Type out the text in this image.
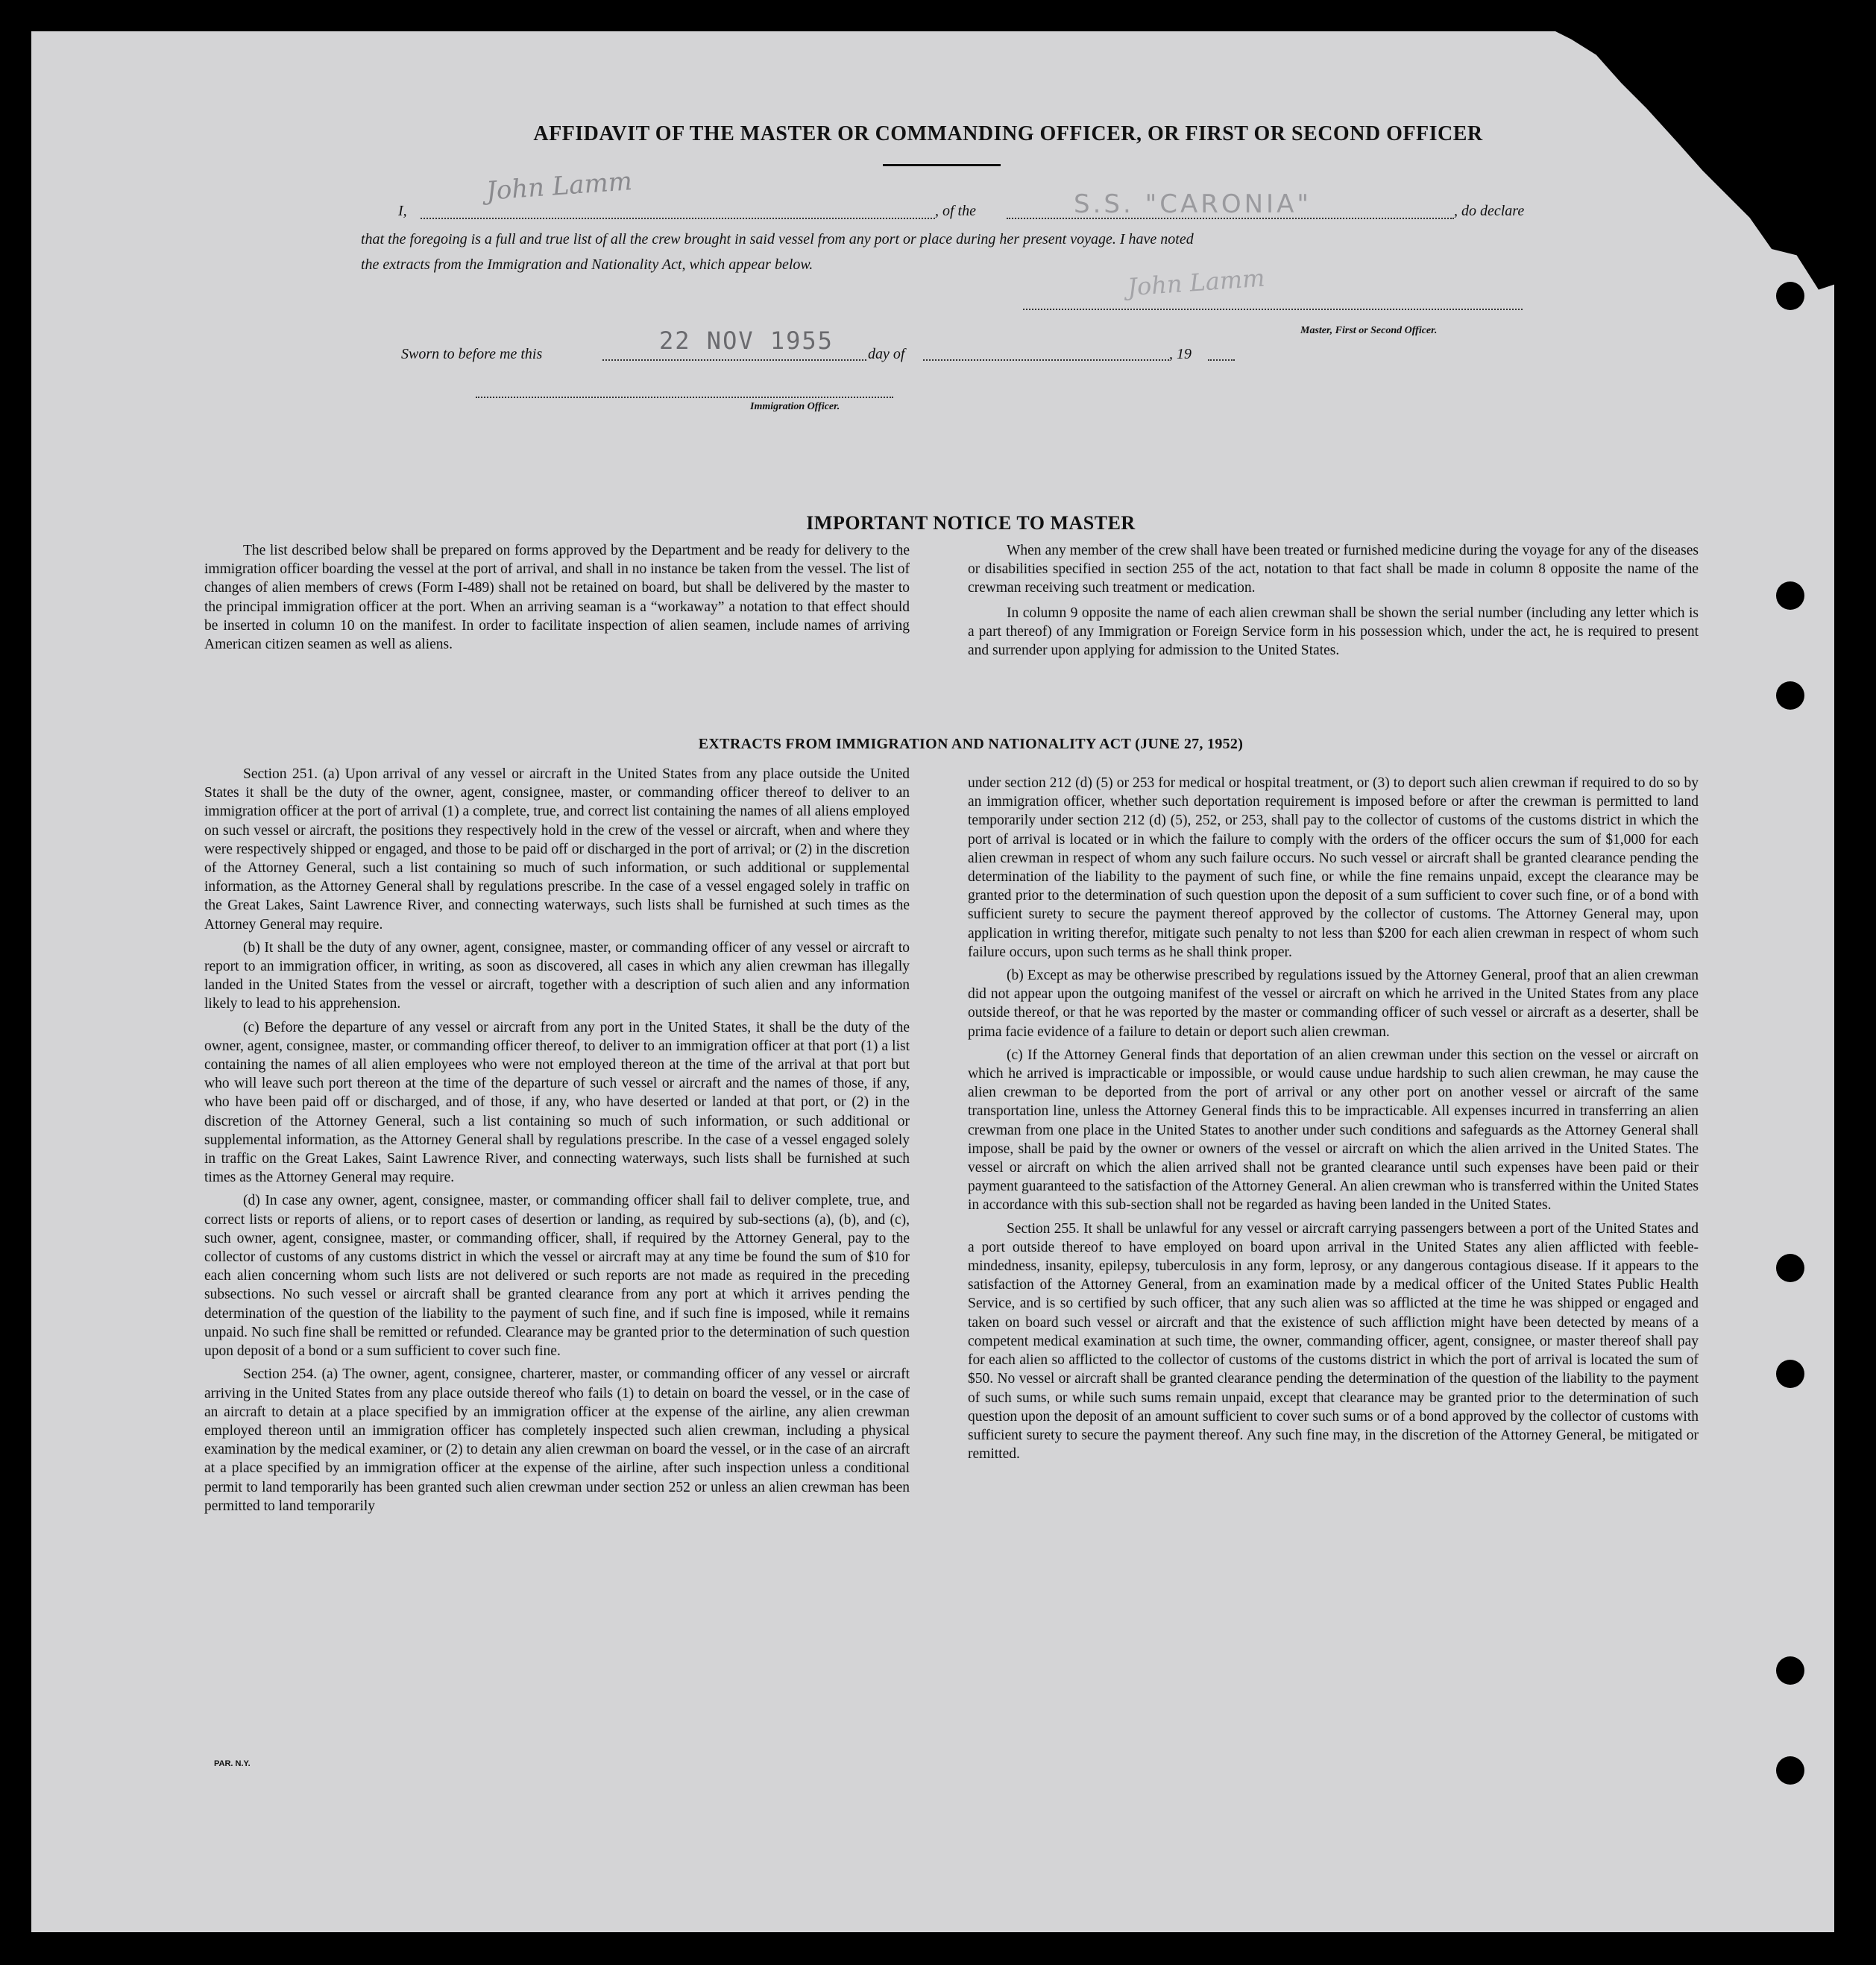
AFFIDAVIT OF THE MASTER OR COMMANDING OFFICER, OR FIRST OR SECOND OFFICER
I,
John Lamm
, of the	S.S. "CARONIA"	, do declare
that the foregoing is a full and true list of all the crew brought in said vessel from any port or place during her present voyage. I have noted
the extracts from the Immigration and Nationality Act, which appear below.	John Lamm
Master, First or Second Officer.
Sworn to before me this	22 NOV 1955 day of	, 19
Immigration Officer.
IMPORTANT NOTICE TO MASTER

The list described below shall be prepared on forms approved by the Department and be ready for delivery to the immigration officer boarding the vessel at the port of arrival, and shall in no instance be taken from the vessel. The list of changes of alien members of crews (Form I-489) shall not be retained on board, but shall be delivered by the master to the principal immigration officer at the port. When an arriving seaman is a “workaway” a notation to that effect should be inserted in column 10 on the manifest. In order to facilitate inspection of alien seamen, include names of arriving American citizen seamen as well as aliens.

When any member of the crew shall have been treated or furnished medicine during the voyage for any of the diseases or disabilities specified in section 255 of the act, notation to that fact shall be made in column 8 opposite the name of the crewman receiving such treatment or medication.

In column 9 opposite the name of each alien crewman shall be shown the serial number (including any letter which is a part thereof) of any Immigration or Foreign Service form in his possession which, under the act, he is required to present and surrender upon applying for admission to the United States.

EXTRACTS FROM IMMIGRATION AND NATIONALITY ACT (JUNE 27, 1952)

Section 251. (a) Upon arrival of any vessel or aircraft in the United States from any place outside the United States it shall be the duty of the owner, agent, consignee, master, or commanding officer thereof to deliver to an immigration officer at the port of arrival (1) a complete, true, and correct list containing the names of all aliens employed on such vessel or aircraft, the positions they respectively hold in the crew of the vessel or aircraft, when and where they were respectively shipped or engaged, and those to be paid off or discharged in the port of arrival; or (2) in the discretion of the Attorney General, such a list containing so much of such information, or such additional or supplemental information, as the Attorney General shall by regulations prescribe. In the case of a vessel engaged solely in traffic on the Great Lakes, Saint Lawrence River, and connecting waterways, such lists shall be furnished at such times as the Attorney General may require.

(b) It shall be the duty of any owner, agent, consignee, master, or commanding officer of any vessel or aircraft to report to an immigration officer, in writing, as soon as discovered, all cases in which any alien crewman has illegally landed in the United States from the vessel or aircraft, together with a description of such alien and any information likely to lead to his apprehension.

(c) Before the departure of any vessel or aircraft from any port in the United States, it shall be the duty of the owner, agent, consignee, master, or commanding officer thereof, to deliver to an immigration officer at that port (1) a list containing the names of all alien employees who were not employed thereon at the time of the arrival at that port but who will leave such port thereon at the time of the departure of such vessel or aircraft and the names of those, if any, who have been paid off or discharged, and of those, if any, who have deserted or landed at that port, or (2) in the discretion of the Attorney General, such a list containing so much of such information, or such additional or supplemental information, as the Attorney General shall by regulations prescribe. In the case of a vessel engaged solely in traffic on the Great Lakes, Saint Lawrence River, and connecting waterways, such lists shall be furnished at such times as the Attorney General may require.

(d) In case any owner, agent, consignee, master, or commanding officer shall fail to deliver complete, true, and correct lists or reports of aliens, or to report cases of desertion or landing, as required by sub-sections (a), (b), and (c), such owner, agent, consignee, master, or commanding officer, shall, if required by the Attorney General, pay to the collector of customs of any customs district in which the vessel or aircraft may at any time be found the sum of $10 for each alien concerning whom such lists are not delivered or such reports are not made as required in the preceding subsections. No such vessel or aircraft shall be granted clearance from any port at which it arrives pending the determination of the question of the liability to the payment of such fine, and if such fine is imposed, while it remains unpaid. No such fine shall be remitted or refunded. Clearance may be granted prior to the determination of such question upon deposit of a bond or a sum sufficient to cover such fine.

Section 254. (a) The owner, agent, consignee, charterer, master, or commanding officer of any vessel or aircraft arriving in the United States from any place outside thereof who fails (1) to detain on board the vessel, or in the case of an aircraft to detain at a place specified by an immigration officer at the expense of the airline, any alien crewman employed thereon until an immigration officer has completely inspected such alien crewman, including a physical examination by the medical examiner, or (2) to detain any alien crewman on board the vessel, or in the case of an aircraft at a place specified by an immigration officer at the expense of the airline, after such inspection unless a conditional permit to land temporarily has been granted such alien crewman under section 252 or unless an alien crewman has been permitted to land temporarily

under section 212 (d) (5) or 253 for medical or hospital treatment, or (3) to deport such alien crewman if required to do so by an immigration officer, whether such deportation requirement is imposed before or after the crewman is permitted to land temporarily under section 212 (d) (5), 252, or 253, shall pay to the collector of customs of the customs district in which the port of arrival is located or in which the failure to comply with the orders of the officer occurs the sum of $1,000 for each alien crewman in respect of whom any such failure occurs. No such vessel or aircraft shall be granted clearance pending the determination of the liability to the payment of such fine, or while the fine remains unpaid, except the clearance may be granted prior to the determination of such question upon the deposit of a sum sufficient to cover such fine, or of a bond with sufficient surety to secure the payment thereof approved by the collector of customs. The Attorney General may, upon application in writing therefor, mitigate such penalty to not less than $200 for each alien crewman in respect of whom such failure occurs, upon such terms as he shall think proper.

(b) Except as may be otherwise prescribed by regulations issued by the Attorney General, proof that an alien crewman did not appear upon the outgoing manifest of the vessel or aircraft on which he arrived in the United States from any place outside thereof, or that he was reported by the master or commanding officer of such vessel or aircraft as a deserter, shall be prima facie evidence of a failure to detain or deport such alien crewman.

(c) If the Attorney General finds that deportation of an alien crewman under this section on the vessel or aircraft on which he arrived is impracticable or impossible, or would cause undue hardship to such alien crewman, he may cause the alien crewman to be deported from the port of arrival or any other port on another vessel or aircraft of the same transportation line, unless the Attorney General finds this to be impracticable. All expenses incurred in transferring an alien crewman from one place in the United States to another under such conditions and safeguards as the Attorney General shall impose, shall be paid by the owner or owners of the vessel or aircraft on which the alien arrived in the United States. The vessel or aircraft on which the alien arrived shall not be granted clearance until such expenses have been paid or their payment guaranteed to the satisfaction of the Attorney General. An alien crewman who is transferred within the United States in accordance with this sub-section shall not be regarded as having been landed in the United States.

Section 255. It shall be unlawful for any vessel or aircraft carrying passengers between a port of the United States and a port outside thereof to have employed on board upon arrival in the United States any alien afflicted with feeble-mindedness, insanity, epilepsy, tuberculosis in any form, leprosy, or any dangerous contagious disease. If it appears to the satisfaction of the Attorney General, from an examination made by a medical officer of the United States Public Health Service, and is so certified by such officer, that any such alien was so afflicted at the time he was shipped or engaged and taken on board such vessel or aircraft and that the existence of such affliction might have been detected by means of a competent medical examination at such time, the owner, commanding officer, agent, consignee, or master thereof shall pay for each alien so afflicted to the collector of customs of the customs district in which the port of arrival is located the sum of $50. No vessel or aircraft shall be granted clearance pending the determination of the question of the liability to the payment of such sums, or while such sums remain unpaid, except that clearance may be granted prior to the determination of such question upon the deposit of an amount sufficient to cover such sums or of a bond approved by the collector of customs with sufficient surety to secure the payment thereof. Any such fine may, in the discretion of the Attorney General, be mitigated or remitted.

PAR. N.Y.
